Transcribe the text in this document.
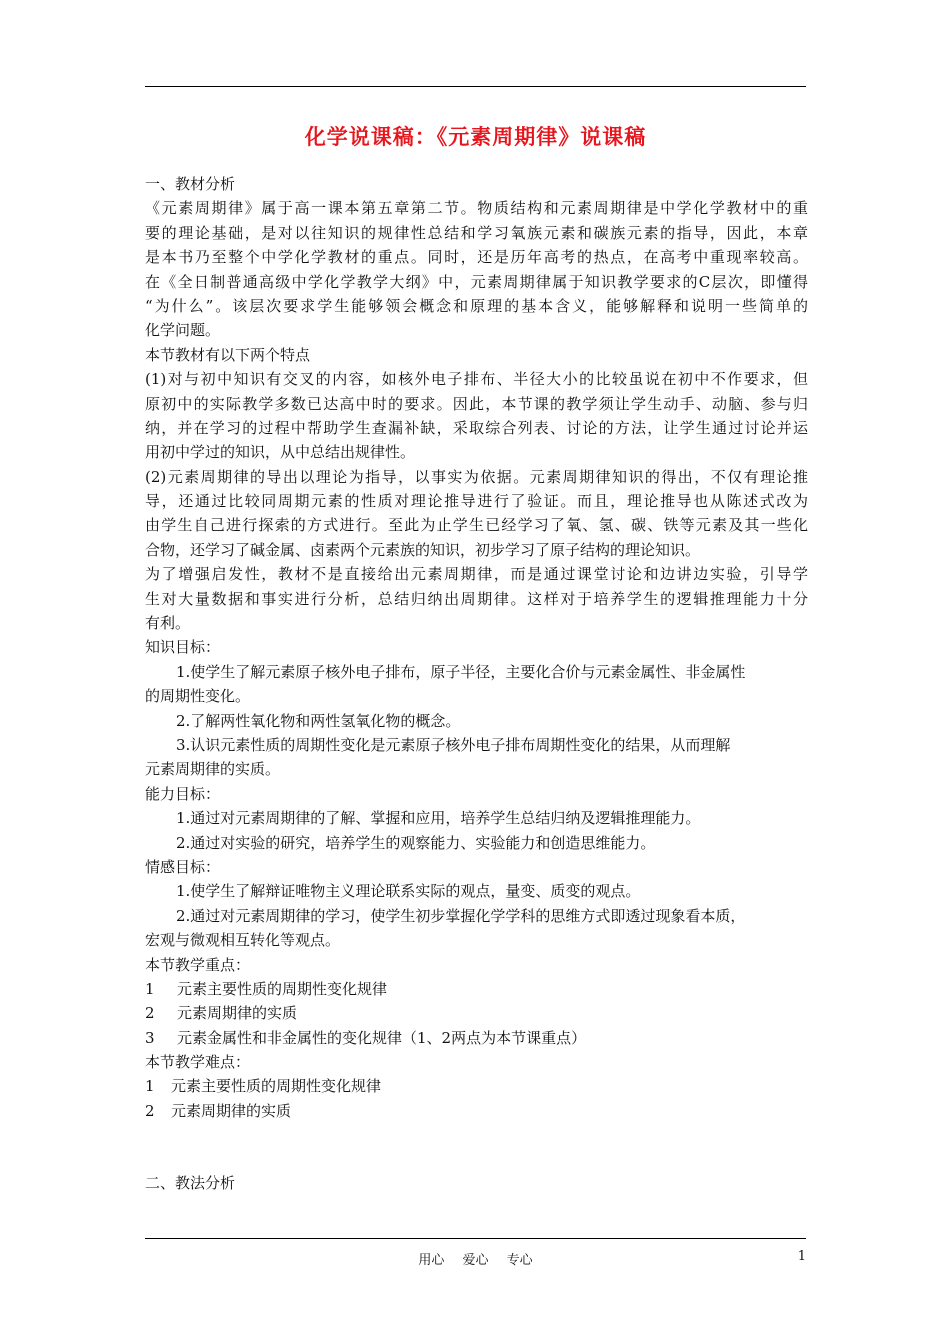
化学说课稿：《元素周期律》说课稿
一、教材分析
《元素周期律》属于高一课本第五章第二节。物质结构和元素周期律是中学化学教材中的重
要的理论基础，是对以往知识的规律性总结和学习氧族元素和碳族元素的指导，因此，本章
是本书乃至整个中学化学教材的重点。同时，还是历年高考的热点，在高考中重现率较高。
在《全日制普通高级中学化学教学大纲》中，元素周期律属于知识教学要求的C层次，即懂得
“为什么”。该层次要求学生能够领会概念和原理的基本含义，能够解释和说明一些简单的
化学问题。
本节教材有以下两个特点
(1)对与初中知识有交叉的内容，如核外电子排布、半径大小的比较虽说在初中不作要求，但
原初中的实际教学多数已达高中时的要求。因此，本节课的教学须让学生动手、动脑、参与归
纳，并在学习的过程中帮助学生查漏补缺，采取综合列表、讨论的方法，让学生通过讨论并运
用初中学过的知识，从中总结出规律性。
(2)元素周期律的导出以理论为指导，以事实为依据。元素周期律知识的得出，不仅有理论推
导，还通过比较同周期元素的性质对理论推导进行了验证。而且，理论推导也从陈述式改为
由学生自己进行探索的方式进行。至此为止学生已经学习了氧、氢、碳、铁等元素及其一些化
合物，还学习了碱金属、卤素两个元素族的知识，初步学习了原子结构的理论知识。
为了增强启发性，教材不是直接给出元素周期律，而是通过课堂讨论和边讲边实验，引导学
生对大量数据和事实进行分析，总结归纳出周期律。这样对于培养学生的逻辑推理能力十分
有利。
知识目标：
1.使学生了解元素原子核外电子排布，原子半径，主要化合价与元素金属性、非金属性
的周期性变化。
2.了解两性氧化物和两性氢氧化物的概念。
3.认识元素性质的周期性变化是元素原子核外电子排布周期性变化的结果，从而理解
元素周期律的实质。
能力目标：
1.通过对元素周期律的了解、掌握和应用，培养学生总结归纳及逻辑推理能力。
2.通过对实验的研究，培养学生的观察能力、实验能力和创造思维能力。
情感目标：
1.使学生了解辩证唯物主义理论联系实际的观点，量变、质变的观点。
2.通过对元素周期律的学习，使学生初步掌握化学学科的思维方式即透过现象看本质，
宏观与微观相互转化等观点。
本节教学重点：
1 元素主要性质的周期性变化规律
2 元素周期律的实质
3 元素金属性和非金属性的变化规律（1、2两点为本节课重点）
本节教学难点：
1 元素主要性质的周期性变化规律
2 元素周期律的实质
二、教法分析
用心 爱心 专心	1
